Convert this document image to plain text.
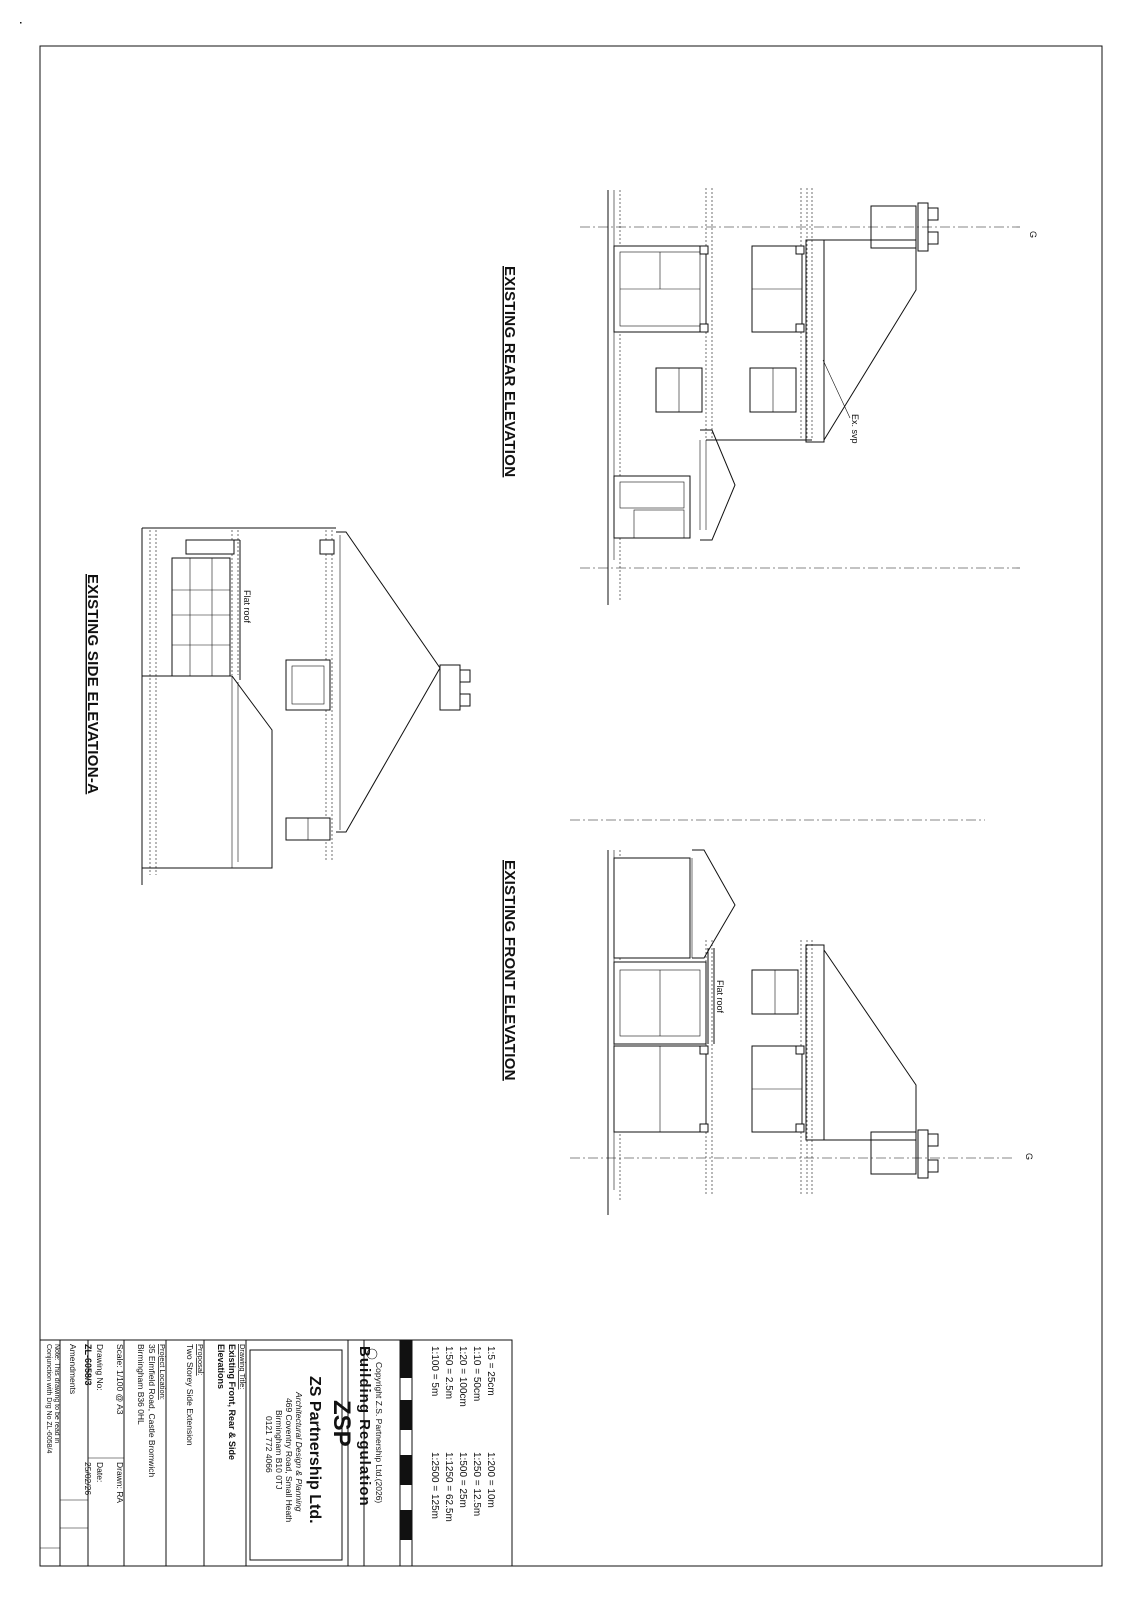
G
Ex. svp
EXISTING REAR ELEVATION
G
Flat roof
EXISTING FRONT ELEVATION
Flat roof
EXISTING SIDE ELEVATION-A
1:5 = 25cm
1:10 = 50cm
1:20 = 100cm
1:50 = 2.5m
1:100 = 5m
1:200 = 10m
1:250 = 12.5m
1:500 = 25m
1:1250 = 62.5m
1:2500 = 125m
Copyright Z.S. Partnership Ltd.(2026)
Building Regulation
ZSP
ZS Partnership Ltd.
Architectural Design & Planning
469 Coventry Road, Small Heath
Birmingham B10 0TJ
0121 772 4066
Drawing Title:
Existing Front, Rear & Side
Elevations
Proposal:
Two Storey Side Extension
Project Location:
35 Elmfield Road, Castle Bromwich
Birmingham B36 0HL
Scale: 1/100 @ A3
Drawn: RA
Drawing No:
ZL-6058/3
Date:
25/02/26
Amendments
Note: This drawing to be read in
Conjunction with Drg No ZL-6058/4
